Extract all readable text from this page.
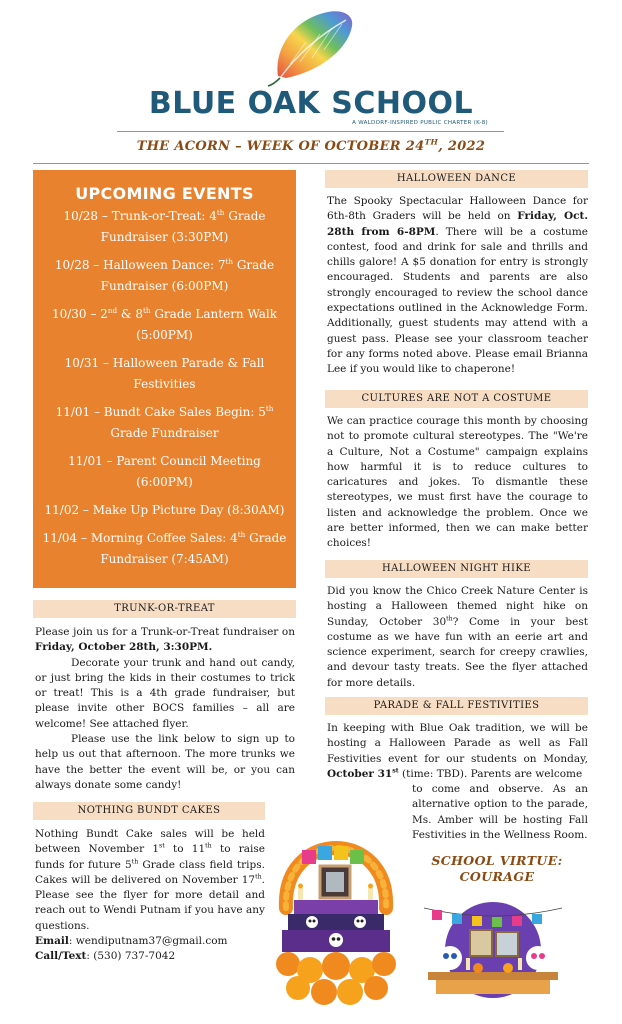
BLUE OAK SCHOOL
A WALDORF-INSPIRED PUBLIC CHARTER (K-8)
THE ACORN – WEEK OF OCTOBER 24TH, 2022
UPCOMING EVENTS
10/28 – Trunk-or-Treat: 4th Grade Fundraiser (3:30PM)
10/28 – Halloween Dance: 7th Grade Fundraiser (6:00PM)
10/30 – 2nd & 8th Grade Lantern Walk (5:00PM)
10/31 – Halloween Parade & Fall Festivities
11/01 – Bundt Cake Sales Begin: 5th Grade Fundraiser
11/01 – Parent Council Meeting (6:00PM)
11/02 – Make Up Picture Day (8:30AM)
11/04 – Morning Coffee Sales: 4th Grade Fundraiser (7:45AM)
TRUNK-OR-TREAT

Please join us for a Trunk-or-Treat fundraiser on Friday, October 28th, 3:30PM.

Decorate your trunk and hand out candy, or just bring the kids in their costumes to trick or treat! This is a 4th grade fundraiser, but please invite other BOCS families – all are welcome! See attached flyer.

Please use the link below to sign up to help us out that afternoon. The more trunks we have the better the event will be, or you can always donate some candy!

NOTHING BUNDT CAKES

Nothing Bundt Cake sales will be held between November 1st to 11th to raise funds for future 5th Grade class field trips. Cakes will be delivered on November 17th. Please see the flyer for more detail and reach out to Wendi Putnam if you have any questions.

Email: wendiputnam37@gmail.com

Call/Text: (530) 737-7042

HALLOWEEN DANCE

The Spooky Spectacular Halloween Dance for 6th-8th Graders will be held on Friday, Oct. 28th from 6-8PM. There will be a costume contest, food and drink for sale and thrills and chills galore! A $5 donation for entry is strongly encouraged. Students and parents are also strongly encouraged to review the school dance expectations outlined in the Acknowledge Form. Additionally, guest students may attend with a guest pass. Please see your classroom teacher for any forms noted above. Please email Brianna Lee if you would like to chaperone!

CULTURES ARE NOT A COSTUME

We can practice courage this month by choosing not to promote cultural stereotypes. The "We're a Culture, Not a Costume" campaign explains how harmful it is to reduce cultures to caricatures and jokes. To dismantle these stereotypes, we must first have the courage to listen and acknowledge the problem. Once we are better informed, then we can make better choices!

HALLOWEEN NIGHT HIKE

Did you know the Chico Creek Nature Center is hosting a Halloween themed night hike on Sunday, October 30th? Come in your best costume as we have fun with an eerie art and science experiment, search for creepy crawlies, and devour tasty treats. See the flyer attached for more details.

PARADE & FALL FESTIVITIES

In keeping with Blue Oak tradition, we will be hosting a Halloween Parade as well as Fall Festivities event for our students on Monday, October 31st (time: TBD). Parents are welcome

to come and observe. As an alternative option to the parade, Ms. Amber will be hosting Fall Festivities in the Wellness Room.

SCHOOL VIRTUE:
COURAGE
